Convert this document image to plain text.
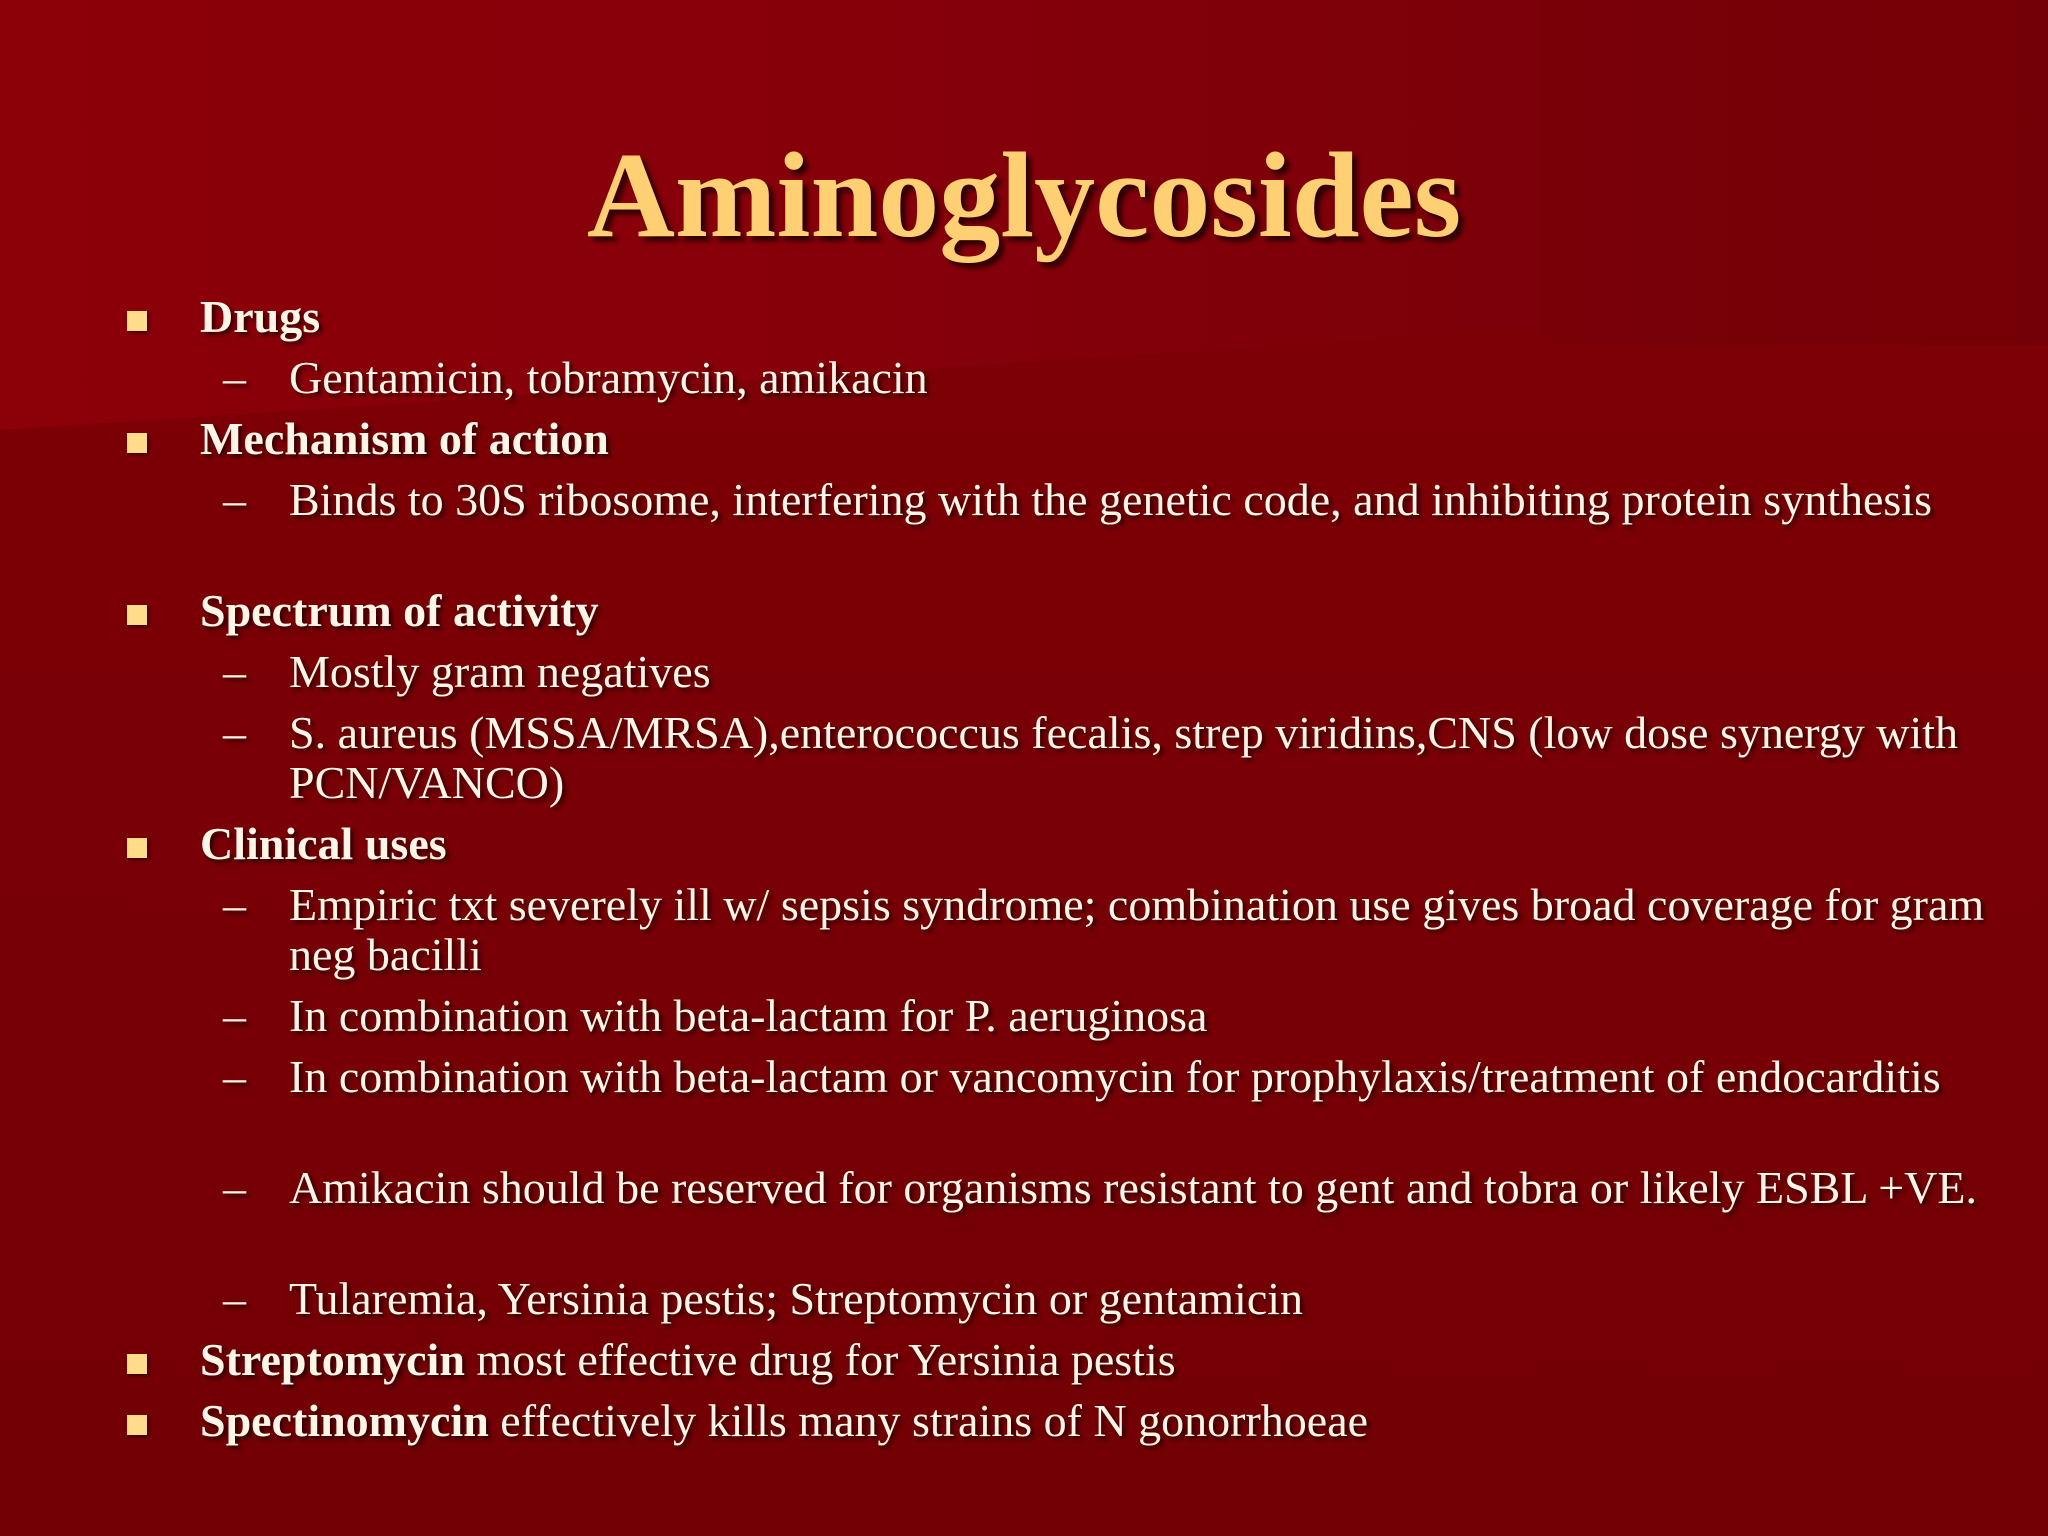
Aminoglycosides
Drugs
– Gentamicin, tobramycin, amikacin
Mechanism of action
– Binds to 30S ribosome, interfering with the genetic code, and inhibiting protein synthesis
Spectrum of activity
– Mostly gram negatives
– S. aureus (MSSA/MRSA),enterococcus fecalis, strep viridins,CNS (low dose synergy with PCN/VANCO)
Clinical uses
– Empiric txt severely ill w/ sepsis syndrome; combination use gives broad coverage for gram neg bacilli
– In combination with beta-lactam for P. aeruginosa
– In combination with beta-lactam or vancomycin for prophylaxis/treatment of endocarditis
– Amikacin should be reserved for organisms resistant to gent and tobra or likely ESBL +VE.
– Tularemia, Yersinia pestis; Streptomycin or gentamicin
Streptomycin most effective drug for Yersinia pestis
Spectinomycin effectively kills many strains of N gonorrhoeae
